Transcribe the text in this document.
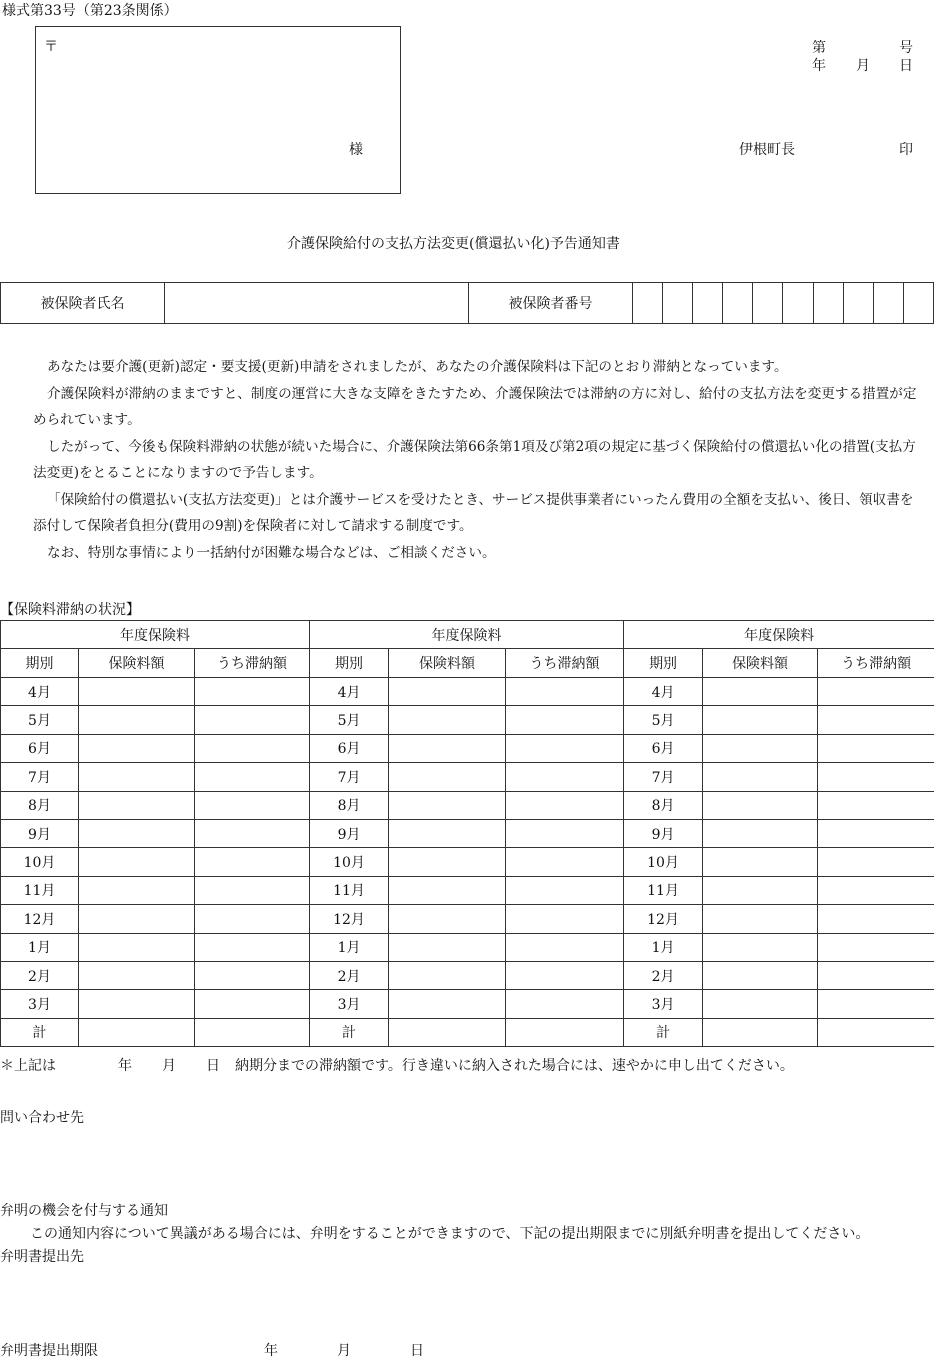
様式第33号（第23条関係）
〒
様
第	号
年 月 日
伊根町長	印
介護保険給付の支払方法変更(償還払い化)予告通知書
被保険者氏名		被保険者番号										

あなたは要介護(更新)認定・要支援(更新)申請をされましたが、あなたの介護保険料は下記のとおり滞納となっています。

介護保険料が滞納のままですと、制度の運営に大きな支障をきたすため、介護保険法では滞納の方に対し、給付の支払方法を変更する措置が定められています。

したがって、今後も保険料滞納の状態が続いた場合に、介護保険法第66条第1項及び第2項の規定に基づく保険給付の償還払い化の措置(支払方法変更)をとることになりますので予告します。

「保険給付の償還払い(支払方法変更)」とは介護サービスを受けたとき、サービス提供事業者にいったん費用の全額を支払い、後日、領収書を添付して保険者負担分(費用の9割)を保険者に対して請求する制度です。

なお、特別な事情により一括納付が困難な場合などは、ご相談ください。

【保険料滞納の状況】
年度保険料			年度保険料			年度保険料		
期別	保険料額	うち滞納額	期別	保険料額	うち滞納額	期別	保険料額	うち滞納額
4月			4月			4月		
5月			5月			5月		
6月			6月			6月		
7月			7月			7月		
8月			8月			8月		
9月			9月			9月		
10月			10月			10月		
11月			11月			11月		
12月			12月			12月		
1月			1月			1月		
2月			2月			2月		
3月			3月			3月		
計			計			計		
＊上記は	年 月 日 納期分までの滞納額です。行き違いに納入された場合には、速やかに申し出てください。
問い合わせ先
弁明の機会を付与する通知
この通知内容について異議がある場合には、弁明をすることができますので、下記の提出期限までに別紙弁明書を提出してください。
弁明書提出先
弁明書提出期限	年	月	日
